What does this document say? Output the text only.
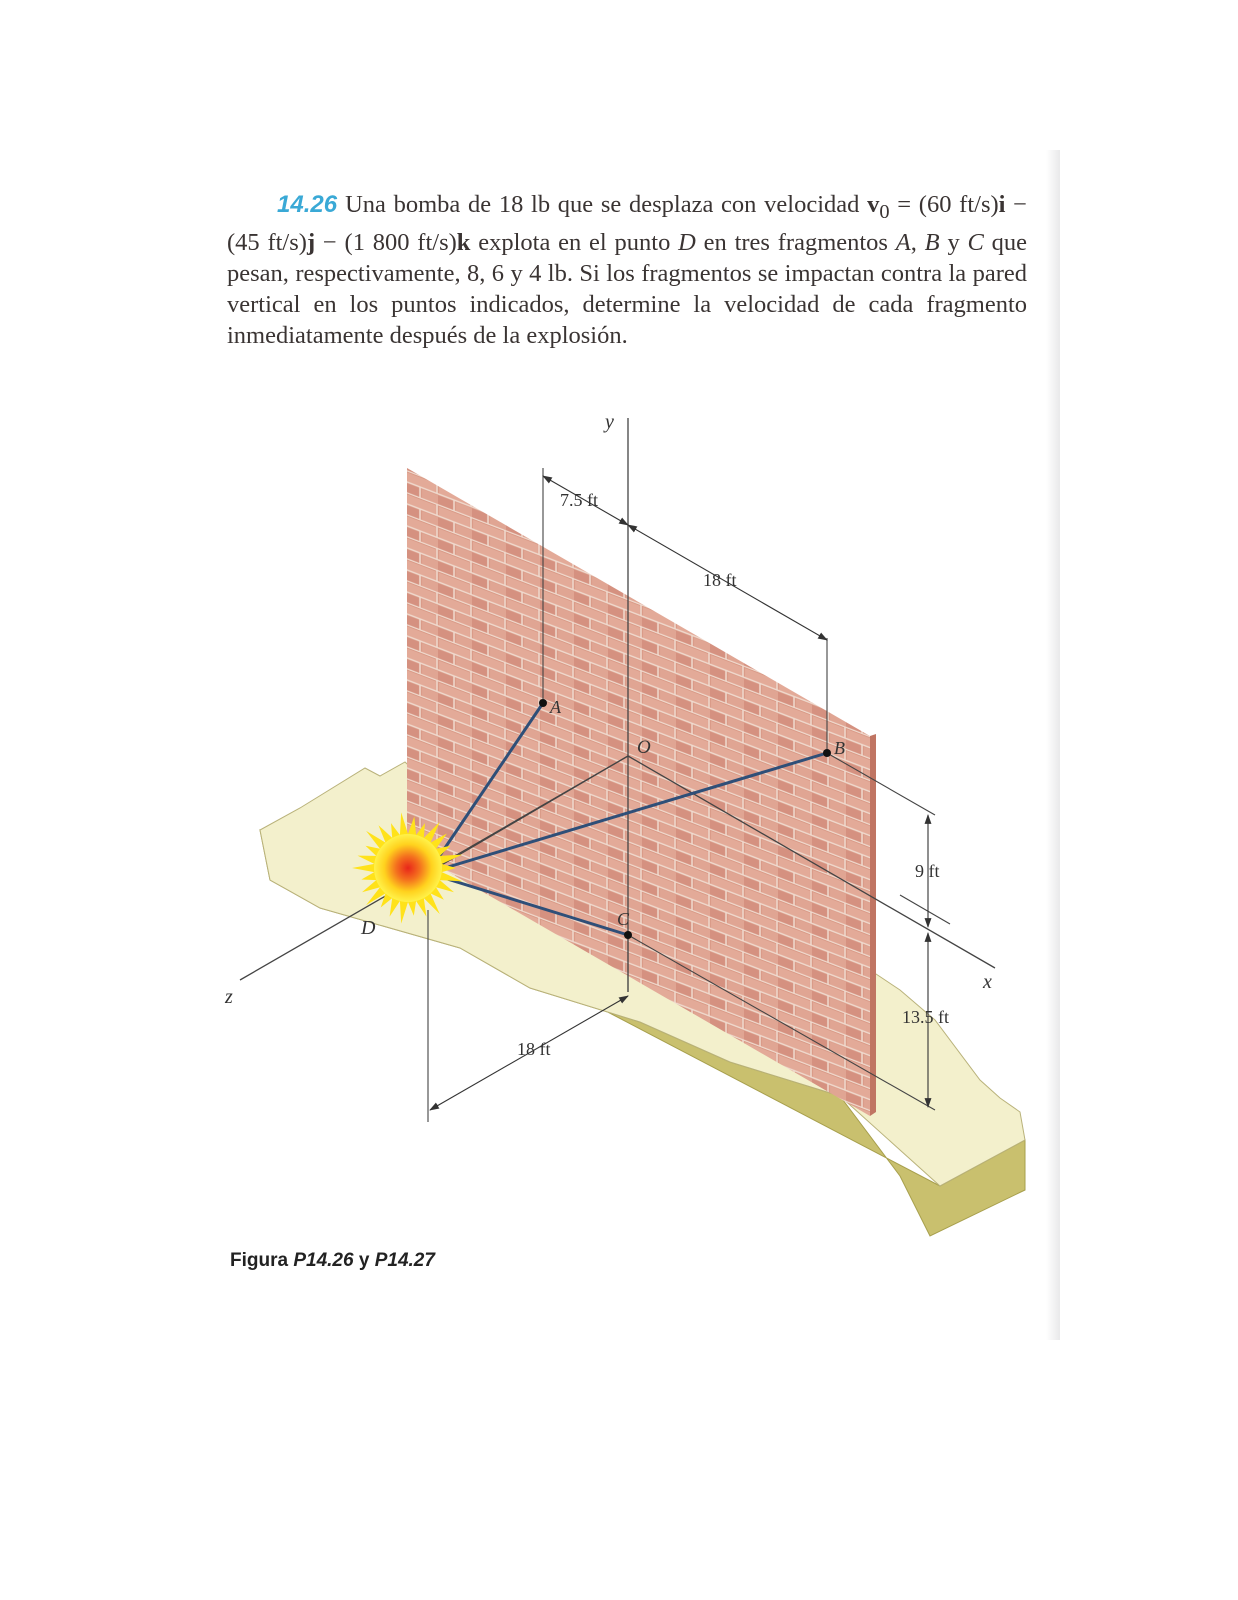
14.26 Una bomba de 18 lb que se desplaza con velocidad $v_0 = (60$ ft/s)i − (45 ft/s)j − (1 800 ft/s)k explota en el punto D en tres fragmentos A, B y C que pesan, respectivamente, 8, 6 y 4 lb. Si los fragmentos se impactan contra la pared vertical en los puntos indicados, determine la velocidad de cada fragmento inmediatamente después de la explosión.

y
x
z
O
A
B
C
D
7.5 ft
18 ft
9 ft
13.5 ft
18 ft
Figura P14.26 y P14.27
